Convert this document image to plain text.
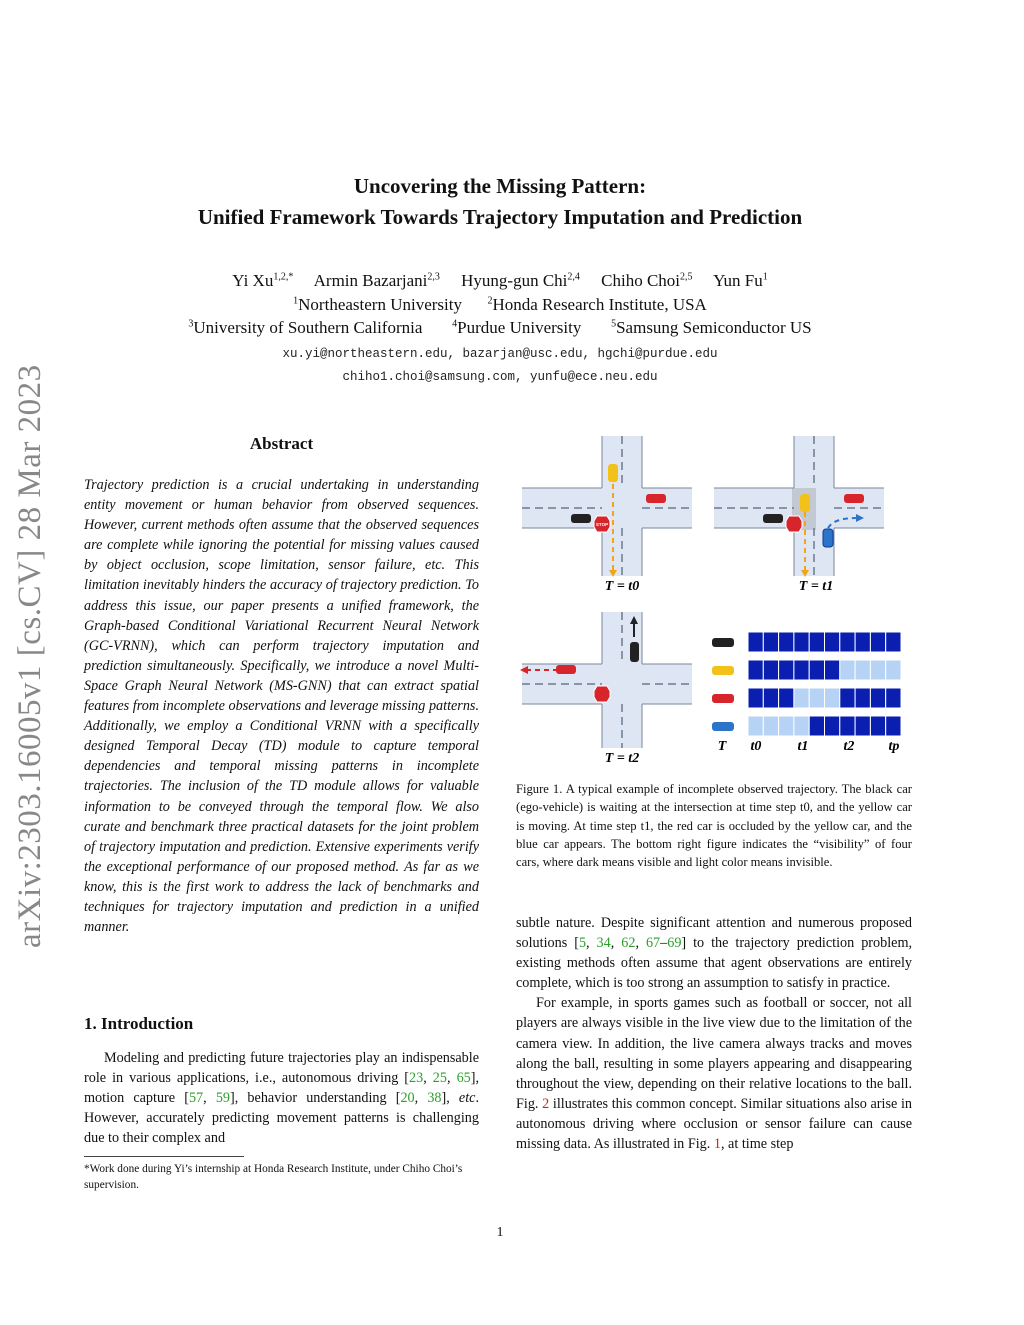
arXiv:2303.16005v1 [cs.CV] 28 Mar 2023
Uncovering the Missing Pattern:
Unified Framework Towards Trajectory Imputation and Prediction
Yi $Xu^{1,2,*}$ Armin Bazarjani$^{2,3}$ Hyung-gun Chi$^{2,4}$ Chiho Choi$^{2,5}$ Yun Fu$^1$
$^1$Northeastern University	$^2$Honda Research Institute, USA
$^3$University of Southern California	$^4$Purdue University	$^5$Samsung Semiconductor US
xu.yi@northeastern.edu, bazarjan@usc.edu, hgchi@purdue.edu
chiho1.choi@samsung.com, yunfu@ece.neu.edu
Abstract
Trajectory prediction is a crucial undertaking in understanding entity movement or human behavior from observed sequences. However, current methods often assume that the observed sequences are complete while ignoring the potential for missing values caused by object occlusion, scope limitation, sensor failure, etc. This limitation inevitably hinders the accuracy of trajectory prediction. To address this issue, our paper presents a unified framework, the Graph-based Conditional Variational Recurrent Neural Network (GC-VRNN), which can perform trajectory imputation and prediction simultaneously. Specifically, we introduce a novel Multi-Space Graph Neural Network (MS-GNN) that can extract spatial features from incomplete observations and leverage missing patterns. Additionally, we employ a Conditional VRNN with a specifically designed Temporal Decay (TD) module to capture temporal dependencies and temporal missing patterns in incomplete trajectories. The inclusion of the TD module allows for valuable information to be conveyed through the temporal flow. We also curate and benchmark three practical datasets for the joint problem of trajectory imputation and prediction. Extensive experiments verify the exceptional performance of our proposed method. As far as we know, this is the first work to address the lack of benchmarks and techniques for trajectory imputation and prediction in a unified manner.
1. Introduction

Modeling and predicting future trajectories play an indispensable role in various applications, i.e., autonomous driving [23, 25, 65], motion capture [57, 59], behavior understanding [20, 38], etc. However, accurately predicting movement patterns is challenging due to their complex and

*Work done during Yi’s internship at Honda Research Institute, under Chiho Choi’s supervision.
STOP
T = t0	T = t1
T = t2
T t0	t1	t2 tp
Figure 1. A typical example of incomplete observed trajectory. The black car (ego-vehicle) is waiting at the intersection at time step t0, and the yellow car is moving. At time step t1, the red car is occluded by the yellow car, and the blue car appears. The bottom right figure indicates the “visibility” of four cars, where dark means visible and light color means invisible.

subtle nature. Despite significant attention and numerous proposed solutions [5, 34, 62, 67–69] to the trajectory prediction problem, existing methods often assume that agent observations are entirely complete, which is too strong an assumption to satisfy in practice.

For example, in sports games such as football or soccer, not all players are always visible in the live view due to the limitation of the camera view. In addition, the live camera always tracks and moves along the ball, resulting in some players appearing and disappearing throughout the view, depending on their relative locations to the ball. Fig. 2 illustrates this common concept. Similar situations also arise in autonomous driving where occlusion or sensor failure can cause missing data. As illustrated in Fig. 1, at time step

1
